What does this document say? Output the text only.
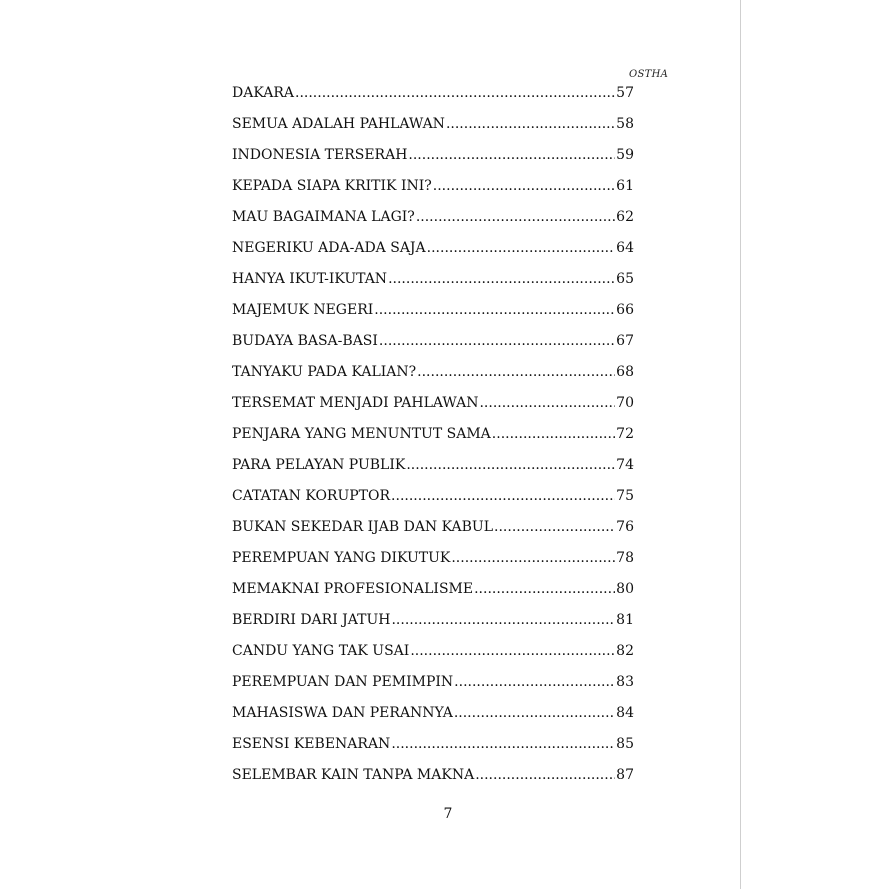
OSTHA
DAKARA .....	57
SEMUA ADALAH PAHLAWAN .....	58
INDONESIA TERSERAH .....	59
KEPADA SIAPA KRITIK INI? .....	61
MAU BAGAIMANA LAGI? .....	62
NEGERIKU ADA-ADA SAJA .....	64
HANYA IKUT-IKUTAN .....	65
MAJEMUK NEGERI .....	66
BUDAYA BASA-BASI .....	67
TANYAKU PADA KALIAN? .....	68
TERSEMAT MENJADI PAHLAWAN .....	70
PENJARA YANG MENUNTUT SAMA .....	72
PARA PELAYAN PUBLIK .....	74
CATATAN KORUPTOR .....	75
BUKAN SEKEDAR IJAB DAN KABUL .....	76
PEREMPUAN YANG DIKUTUK .....	78
MEMAKNAI PROFESIONALISME .....	80
BERDIRI DARI JATUH .....	81
CANDU YANG TAK USAI .....	82
PEREMPUAN DAN PEMIMPIN .....	83
MAHASISWA DAN PERANNYA .....	84
ESENSI KEBENARAN .....	85
SELEMBAR KAIN TANPA MAKNA .....	87
7
